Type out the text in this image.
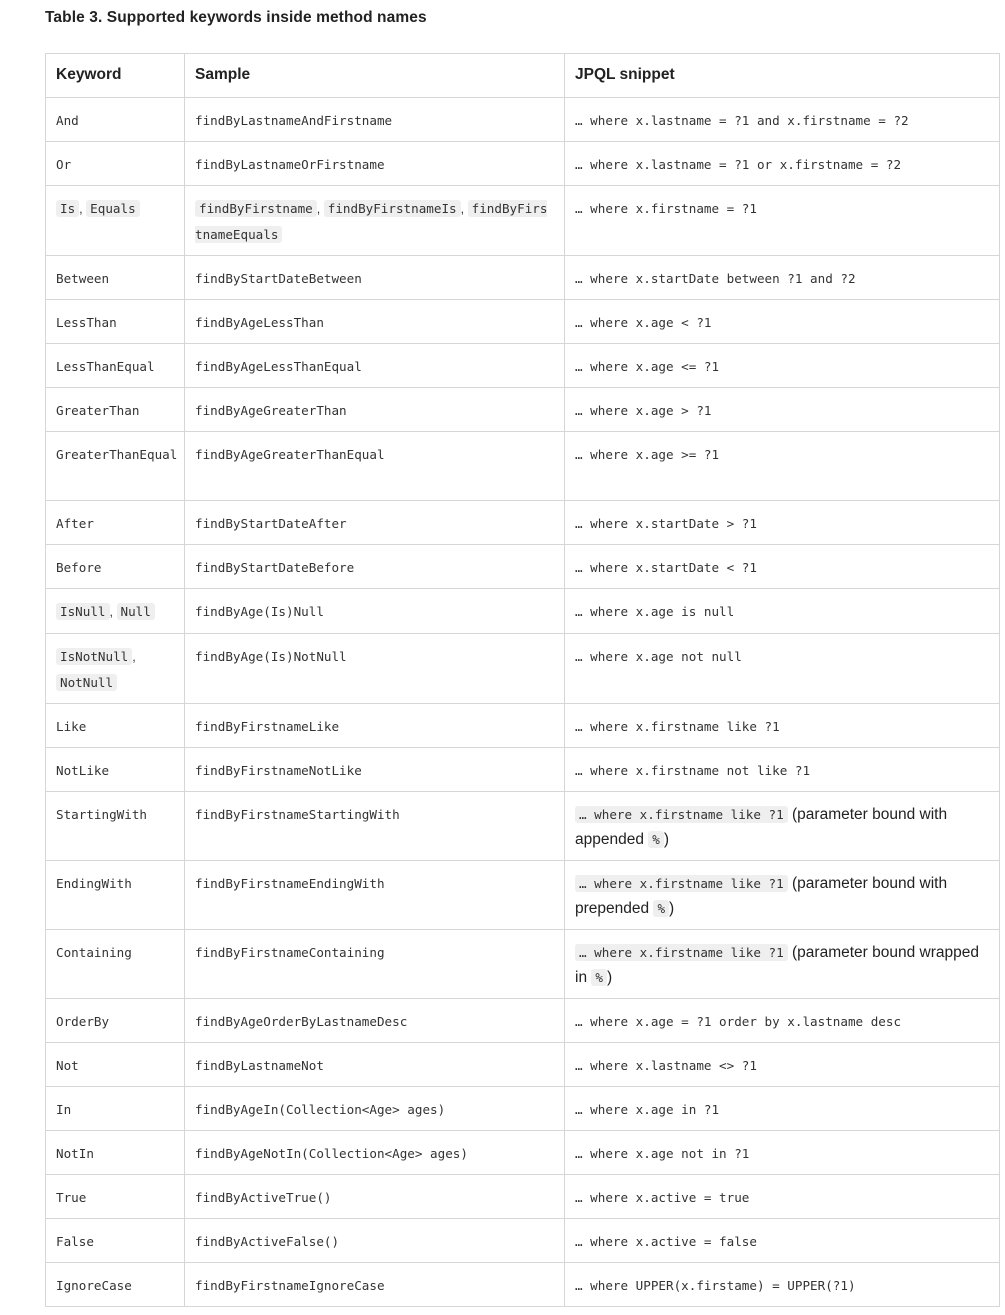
Table 3. Supported keywords inside method names

Keyword	Sample	JPQL snippet
And	findByLastnameAndFirstname	… where x.lastname = ?1 and x.firstname = ?2
Or	findByLastnameOrFirstname	… where x.lastname = ?1 or x.firstname = ?2
Is , Equals	findByFirstname , findByFirstnameIs , findByFirstnameEquals	… where x.firstname = ?1
Between	findByStartDateBetween	… where x.startDate between ?1 and ?2
LessThan	findByAgeLessThan	… where x.age < ?1
LessThanEqual	findByAgeLessThanEqual	… where x.age <= ?1
GreaterThan	findByAgeGreaterThan	… where x.age > ?1
GreaterThanEqual	findByAgeGreaterThanEqual	… where x.age >= ?1
After	findByStartDateAfter	… where x.startDate > ?1
Before	findByStartDateBefore	… where x.startDate < ?1
IsNull , Null	findByAge(Is)Null	… where x.age is null
IsNotNull , NotNull	findByAge(Is)NotNull	… where x.age not null
Like	findByFirstnameLike	… where x.firstname like ?1
NotLike	findByFirstnameNotLike	… where x.firstname not like ?1
StartingWith	findByFirstnameStartingWith	… where x.firstname like ?1 (parameter bound with appended % )
EndingWith	findByFirstnameEndingWith	… where x.firstname like ?1 (parameter bound with prepended % )
Containing	findByFirstnameContaining	… where x.firstname like ?1 (parameter bound wrapped in % )
OrderBy	findByAgeOrderByLastnameDesc	… where x.age = ?1 order by x.lastname desc
Not	findByLastnameNot	… where x.lastname <> ?1
In	findByAgeIn(Collection<Age> ages)	… where x.age in ?1
NotIn	findByAgeNotIn(Collection<Age> ages)	… where x.age not in ?1
True	findByActiveTrue()	… where x.active = true
False	findByActiveFalse()	… where x.active = false
IgnoreCase	findByFirstnameIgnoreCase	… where UPPER(x.firstame) = UPPER(?1)
